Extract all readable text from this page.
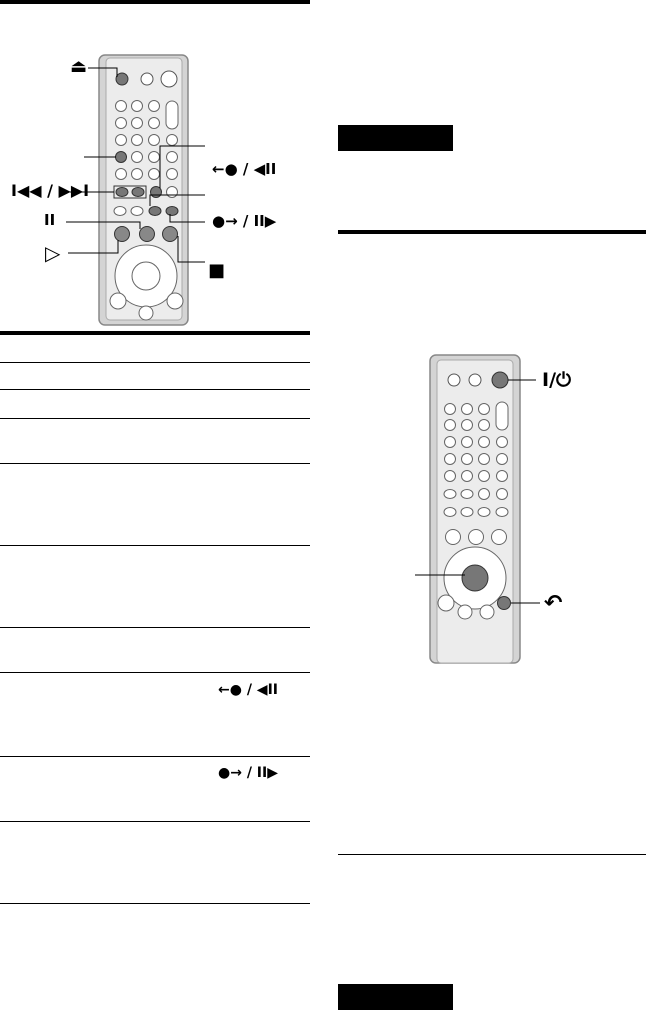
⏏
I◀◀ / ▶▶I
II
▷
■
←● / ◀II
●→ / II▶
←● / ◀II
●→ / II▶
I/⏻
↶
